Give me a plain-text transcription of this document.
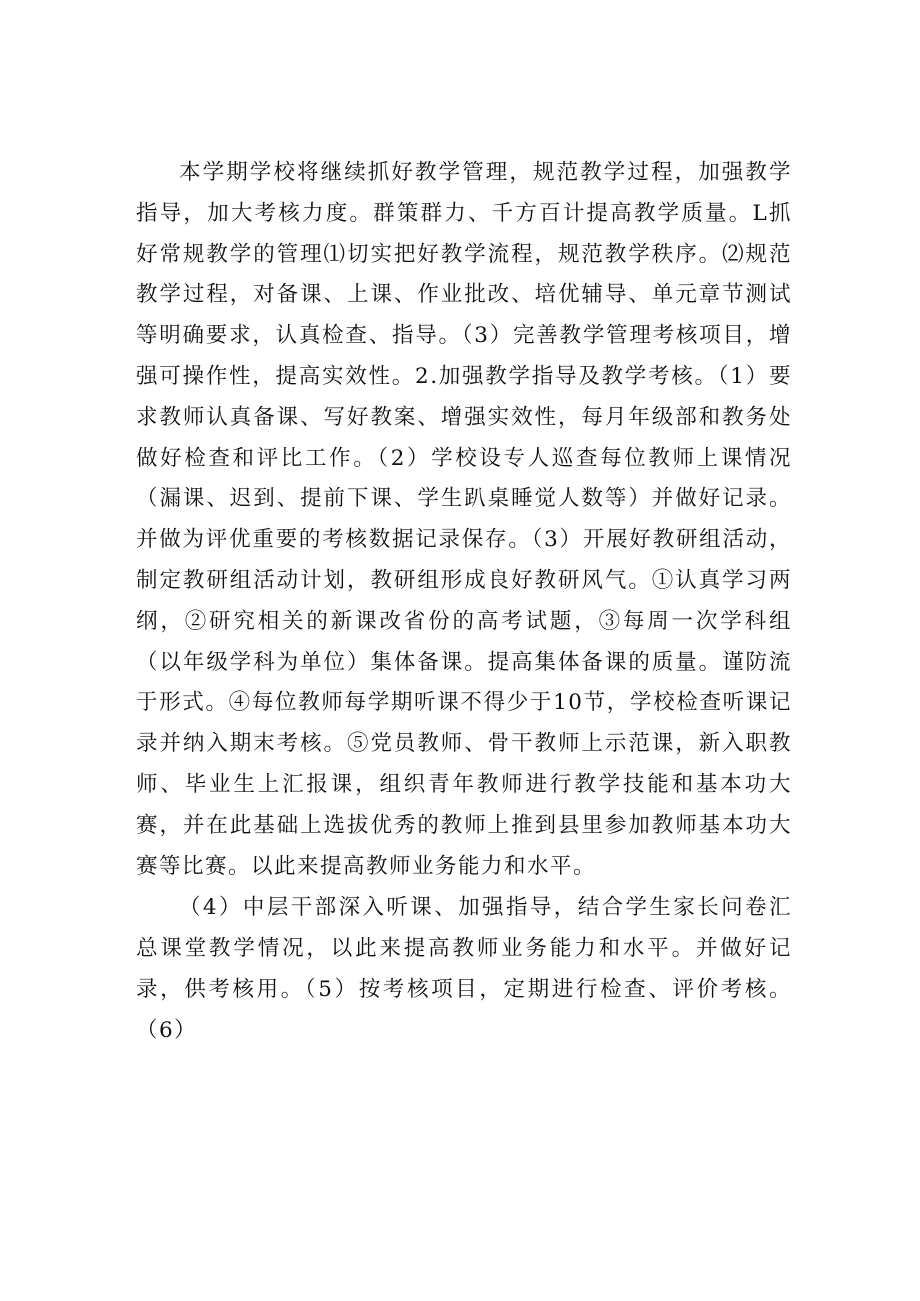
本学期学校将继续抓好教学管理，规范教学过程，加强教学指导，加大考核力度。群策群力、千方百计提高教学质量。L抓好常规教学的管理⑴切实把好教学流程，规范教学秩序。⑵规范教学过程，对备课、上课、作业批改、培优辅导、单元章节测试等明确要求，认真检查、指导。（3）完善教学管理考核项目，增强可操作性，提高实效性。2.加强教学指导及教学考核。（1）要求教师认真备课、写好教案、增强实效性，每月年级部和教务处做好检查和评比工作。（2）学校设专人巡查每位教师上课情况（漏课、迟到、提前下课、学生趴桌睡觉人数等）并做好记录。并做为评优重要的考核数据记录保存。（3）开展好教研组活动，制定教研组活动计划，教研组形成良好教研风气。①认真学习两纲，②研究相关的新课改省份的高考试题，③每周一次学科组（以年级学科为单位）集体备课。提高集体备课的质量。谨防流于形式。④每位教师每学期听课不得少于10节，学校检查听课记录并纳入期末考核。⑤党员教师、骨干教师上示范课，新入职教师、毕业生上汇报课，组织青年教师进行教学技能和基本功大赛，并在此基础上选拔优秀的教师上推到县里参加教师基本功大赛等比赛。以此来提高教师业务能力和水平。

（4）中层干部深入听课、加强指导，结合学生家长问卷汇总课堂教学情况，以此来提高教师业务能力和水平。并做好记录，供考核用。（5）按考核项目，定期进行检查、评价考核。（6）
